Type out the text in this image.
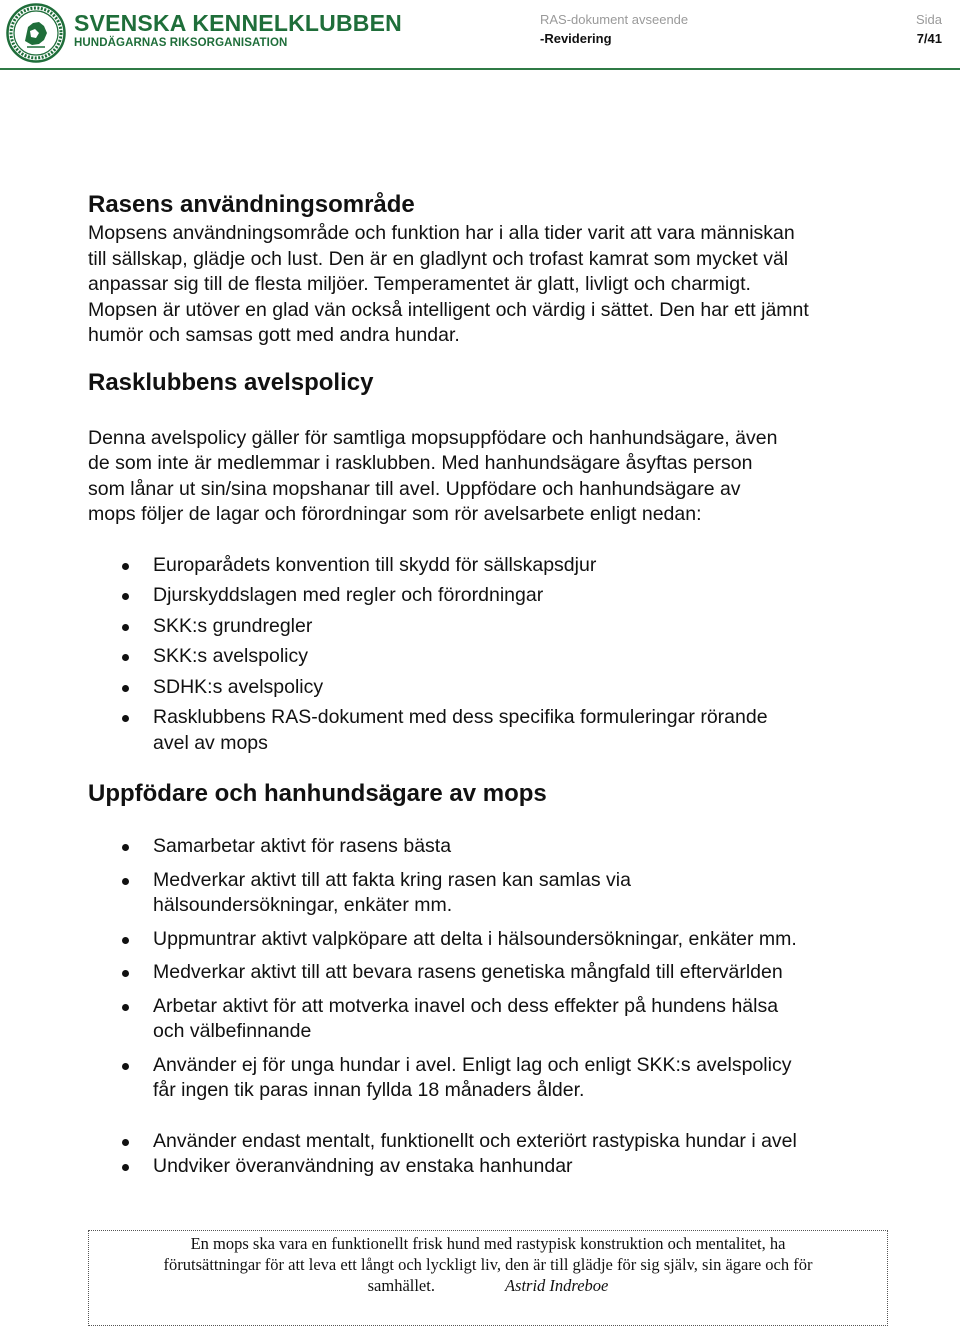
SVENSKA KENNELKLUBBEN
HUNDÄGARNAS RIKSORGANISATION
RAS-dokument avseende
-Revidering
Sida
7/41
Rasens användningsområde

Mopsens användningsområde och funktion har i alla tider varit att vara människan
till sällskap, glädje och lust. Den är en gladlynt och trofast kamrat som mycket väl
anpassar sig till de flesta miljöer. Temperamentet är glatt, livligt och charmigt.
Mopsen är utöver en glad vän också intelligent och värdig i sättet. Den har ett jämnt
humör och samsas gott med andra hundar.

Rasklubbens avelspolicy

Denna avelspolicy gäller för samtliga mopsuppfödare och hanhundsägare, även
de som inte är medlemmar i rasklubben. Med hanhundsägare åsyftas person
som lånar ut sin/sina mopshanar till avel. Uppfödare och hanhundsägare av
mops följer de lagar och förordningar som rör avelsarbete enligt nedan:

Europarådets konvention till skydd för sällskapsdjur
Djurskyddslagen med regler och förordningar
SKK:s grundregler
SKK:s avelspolicy
SDHK:s avelspolicy
Rasklubbens RAS-dokument med dess specifika formuleringar rörande
avel av mops
Uppfödare och hanhundsägare av mops
Samarbetar aktivt för rasens bästa
Medverkar aktivt till att fakta kring rasen kan samlas via
hälsoundersökningar, enkäter mm.
Uppmuntrar aktivt valpköpare att delta i hälsoundersökningar, enkäter mm.
Medverkar aktivt till att bevara rasens genetiska mångfald till eftervärlden
Arbetar aktivt för att motverka inavel och dess effekter på hundens hälsa
och välbefinnande
Använder ej för unga hundar i avel. Enligt lag och enligt SKK:s avelspolicy
får ingen tik paras innan fyllda 18 månaders ålder.
Använder endast mentalt, funktionellt och exteriört rastypiska hundar i avel
Undviker överanvändning av enstaka hanhundar
En mops ska vara en funktionellt frisk hund med rastypisk konstruktion och mentalitet, ha
förutsättningar för att leva ett långt och lyckligt liv, den är till glädje för sig själv, sin ägare och för
samhället.	Astrid Indreboe
